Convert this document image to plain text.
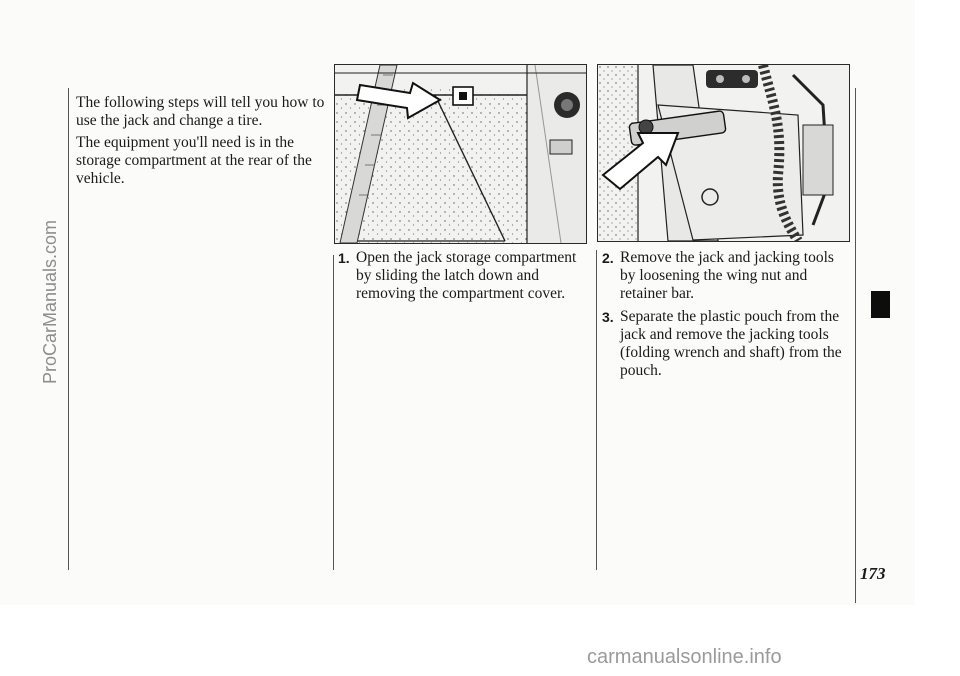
ProCarManuals.com

The following steps will tell you how to use the jack and change a tire.

The equipment you'll need is in the storage compartment at the rear of the vehicle.

1. Open the jack storage compartment by sliding the latch down and removing the compartment cover.
2. Remove the jack and jacking tools by loosening the wing nut and retainer bar.
3. Separate the plastic pouch from the jack and remove the jacking tools (folding wrench and shaft) from the pouch.
173
carmanualsonline.info
